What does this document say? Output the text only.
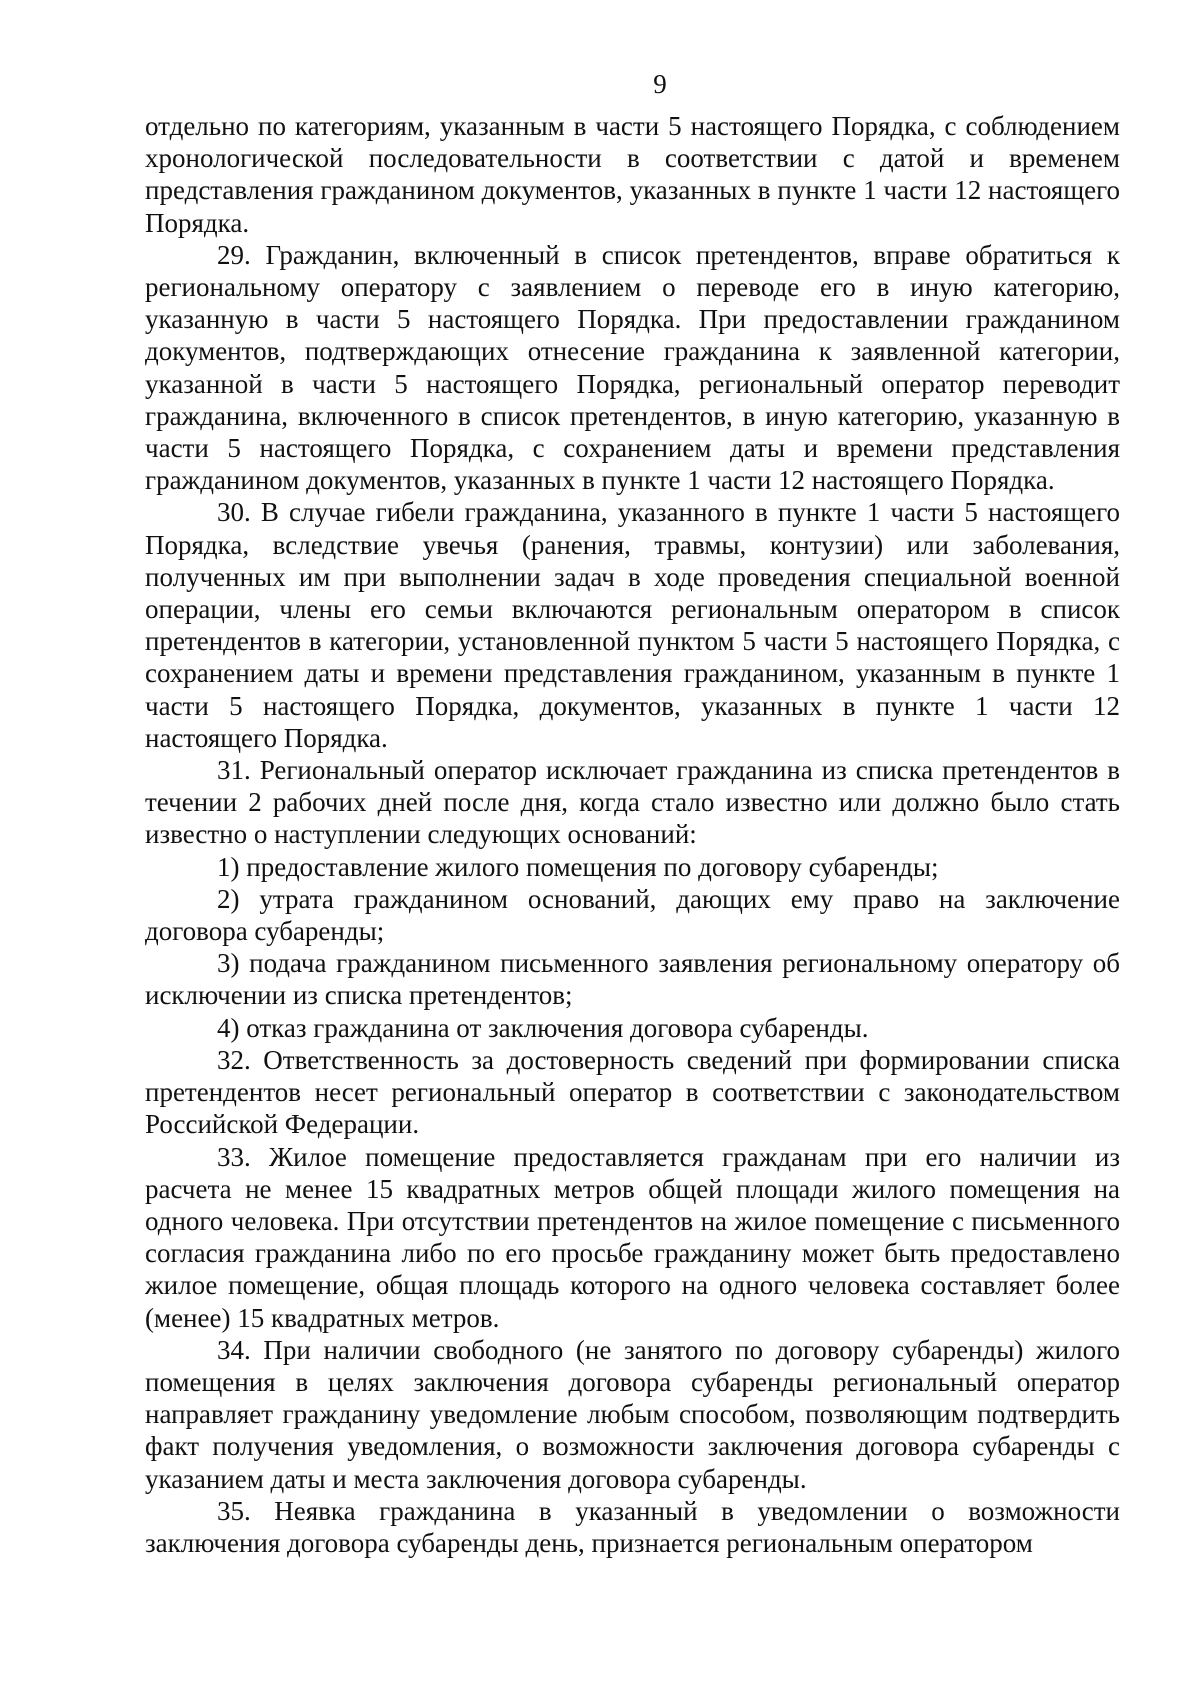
9

отдельно по категориям, указанным в части 5 настоящего Порядка, с соблюдением хронологической последовательности в соответствии с датой и временем представления гражданином документов, указанных в пункте 1 части 12 настоящего Порядка.

29. Гражданин, включенный в список претендентов, вправе обратиться к региональному оператору с заявлением о переводе его в иную категорию, указанную в части 5 настоящего Порядка. При предоставлении гражданином документов, подтверждающих отнесение гражданина к заявленной категории, указанной в части 5 настоящего Порядка, региональный оператор переводит гражданина, включенного в список претендентов, в иную категорию, указанную в части 5 настоящего Порядка, с сохранением даты и времени представления гражданином документов, указанных в пункте 1 части 12 настоящего Порядка.

30. В случае гибели гражданина, указанного в пункте 1 части 5 настоящего Порядка, вследствие увечья (ранения, травмы, контузии) или заболевания, полученных им при выполнении задач в ходе проведения специальной военной операции, члены его семьи включаются региональным оператором в список претендентов в категории, установленной пунктом 5 части 5 настоящего Порядка, с сохранением даты и времени представления гражданином, указанным в пункте 1 части 5 настоящего Порядка, документов, указанных в пункте 1 части 12 настоящего Порядка.

31. Региональный оператор исключает гражданина из списка претендентов в течении 2 рабочих дней после дня, когда стало известно или должно было стать известно о наступлении следующих оснований:

1) предоставление жилого помещения по договору субаренды;

2) утрата гражданином оснований, дающих ему право на заключение договора субаренды;

3) подача гражданином письменного заявления региональному оператору об исключении из списка претендентов;

4) отказ гражданина от заключения договора субаренды.

32. Ответственность за достоверность сведений при формировании списка претендентов несет региональный оператор в соответствии с законодательством Российской Федерации.

33. Жилое помещение предоставляется гражданам при его наличии из расчета не менее 15 квадратных метров общей площади жилого помещения на одного человека. При отсутствии претендентов на жилое помещение с письменного согласия гражданина либо по его просьбе гражданину может быть предоставлено жилое помещение, общая площадь которого на одного человека составляет более (менее) 15 квадратных метров.

34. При наличии свободного (не занятого по договору субаренды) жилого помещения в целях заключения договора субаренды региональный оператор направляет гражданину уведомление любым способом, позволяющим подтвердить факт получения уведомления, о возможности заключения договора субаренды с указанием даты и места заключения договора субаренды.

35. Неявка гражданина в указанный в уведомлении о возможности заключения договора субаренды день, признается региональным оператором
